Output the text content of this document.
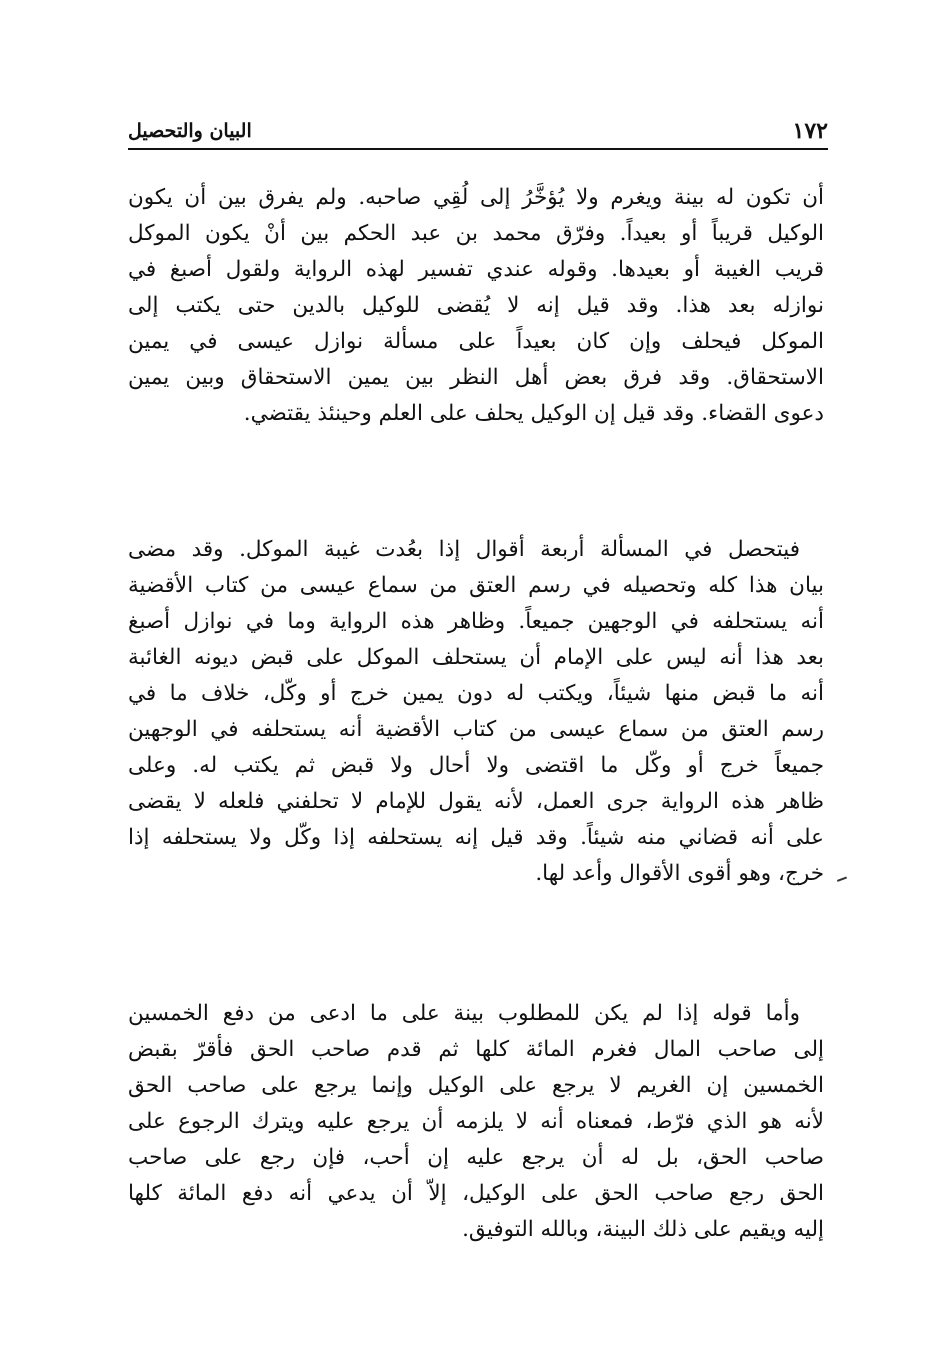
١٧٢
البيان والتحصيل
أن تكون له بينة ويغرم ولا يُؤخَّرُ إلى لُقِي صاحبه. ولم يفرق بين أن يكون
الوكيل قريباً أو بعيداً. وفرّق محمد بن عبد الحكم بين أنْ يكون الموكل
قريب الغيبة أو بعيدها. وقوله عندي تفسير لهذه الرواية ولقول أصبغ في
نوازله بعد هذا. وقد قيل إنه لا يُقضى للوكيل بالدين حتى يكتب إلى
الموكل فيحلف وإن كان بعيداً على مسألة نوازل عيسى في يمين
الاستحقاق. وقد فرق بعض أهل النظر بين يمين الاستحقاق وبين يمين
دعوى القضاء. وقد قيل إن الوكيل يحلف على العلم وحينئذ يقتضي.
فيتحصل في المسألة أربعة أقوال إذا بعُدت غيبة الموكل. وقد مضى
بيان هذا كله وتحصيله في رسم العتق من سماع عيسى من كتاب الأقضية
أنه يستحلفه في الوجهين جميعاً. وظاهر هذه الرواية وما في نوازل أصبغ
بعد هذا أنه ليس على الإمام أن يستحلف الموكل على قبض ديونه الغائبة
أنه ما قبض منها شيئاً، ويكتب له دون يمين خرج أو وكّل، خلاف ما في
رسم العتق من سماع عيسى من كتاب الأقضية أنه يستحلفه في الوجهين
جميعاً خرج أو وكّل ما اقتضى ولا أحال ولا قبض ثم يكتب له. وعلى
ظاهر هذه الرواية جرى العمل، لأنه يقول للإمام لا تحلفني فلعله لا يقضى
على أنه قضاني منه شيئاً. وقد قيل إنه يستحلفه إذا وكّل ولا يستحلفه إذا
خرج، وهو أقوى الأقوال وأعد لها.
وأما قوله إذا لم يكن للمطلوب بينة على ما ادعى من دفع الخمسين
إلى صاحب المال فغرم المائة كلها ثم قدم صاحب الحق فأقرّ بقبض
الخمسين إن الغريم لا يرجع على الوكيل وإنما يرجع على صاحب الحق
لأنه هو الذي فرّط، فمعناه أنه لا يلزمه أن يرجع عليه ويترك الرجوع على
صاحب الحق، بل له أن يرجع عليه إن أحب، فإن رجع على صاحب
الحق رجع صاحب الحق على الوكيل، إلاّ أن يدعي أنه دفع المائة كلها
إليه ويقيم على ذلك البينة، وبالله التوفيق.
